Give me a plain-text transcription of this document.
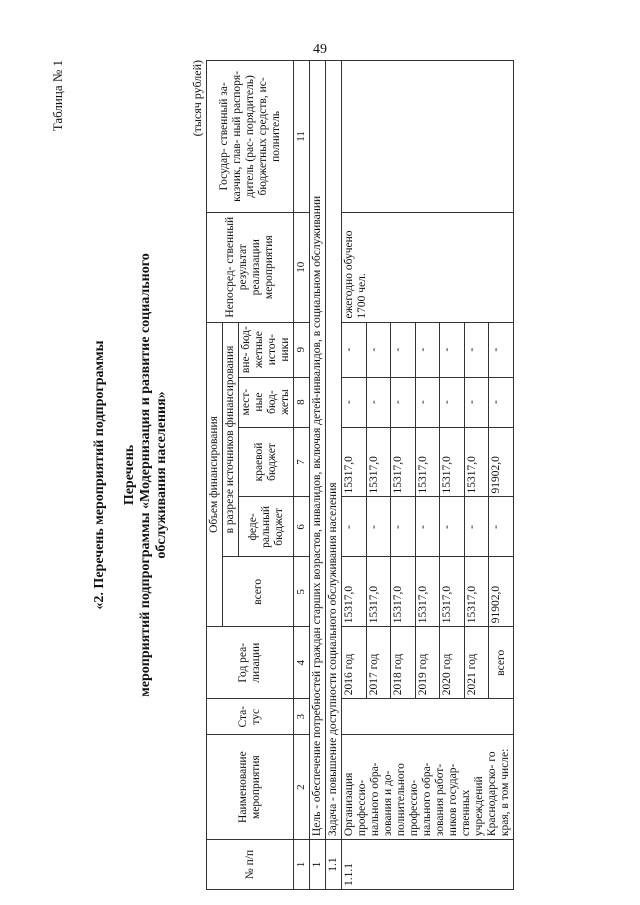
49
Таблица № 1
«2. Перечень мероприятий подпрограммы Перечень мероприятий подпрограммы «Модернизация и развитие социального обслуживания населения»
(тысяч рублей)
№ п/п	Наименование мероприятия	Ста- тус	Год реа- лизации	Объем финансирования					Непосред- ственный результат реализации мероприятия	Государ- ственный за- казчик, глав- ный распоря- дитель (рас- порядитель) бюджетных средств, ис- полнитель
				всего	в разрезе источников финансирования					
					феде- ральный бюджет	краевой бюджет	мест- ные бюд- жеты	вне- бюд- жетные источ- ники		
1	2	3	4	5	6	7	8	9	10	11
1	Цель - обеспечение потребностей граждан старших возрастов, инвалидов, включая детей-инвалидов, в социальном обслуживании									
1.1	Задача - повышение доступности социального обслуживания населения									
1.1.1	Организация профессио- нального обра- зования и до- полнительного профессио- нального обра- зования работ- ников государ- ственных учреждений Краснодарско- го края, в том числе:		2016 год	15317,0	-	15317,0	-	-	ежегодно обучено 1700 чел.	
			2017 год	15317,0	-	15317,0	-	-		
			2018 год	15317,0	-	15317,0	-	-		
			2019 год	15317,0	-	15317,0	-	-		
			2020 год	15317,0	-	15317,0	-	-		
			2021 год	15317,0	-	15317,0	-	-		
			всего	91902,0	-	91902,0	-	-		
